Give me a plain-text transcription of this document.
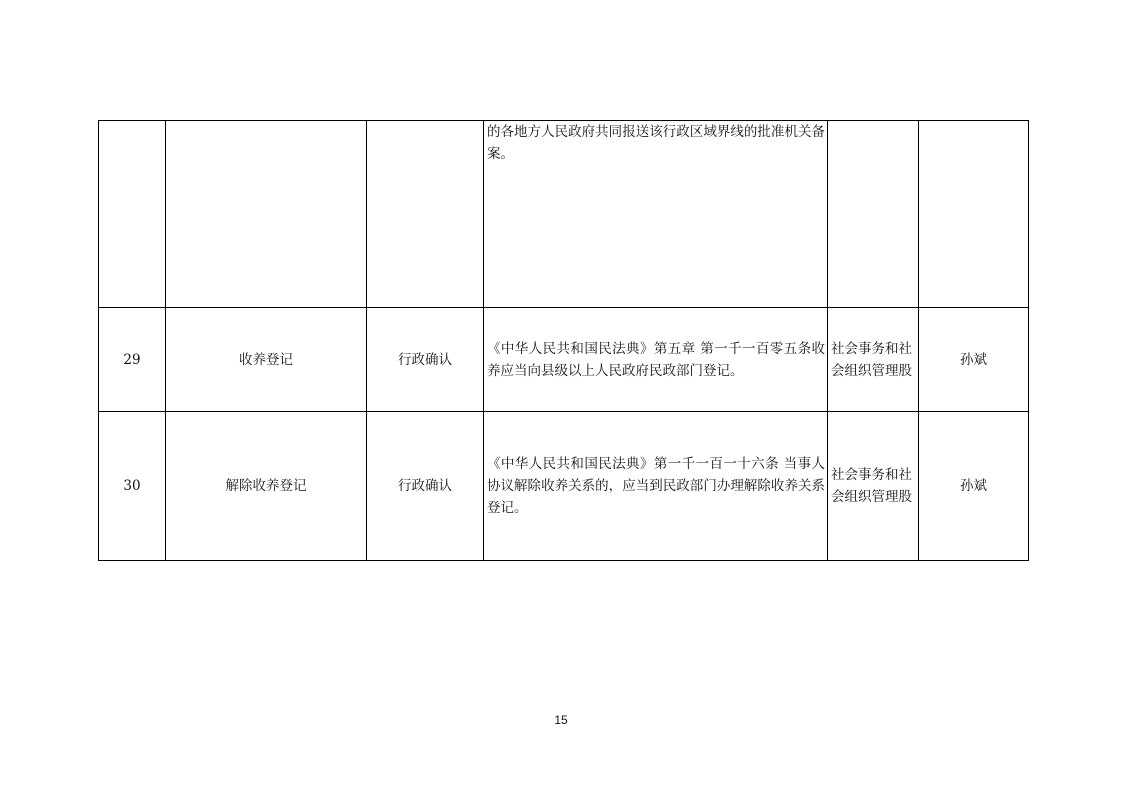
			的各地方人民政府共同报送该行政区域界线的批准机关备案。		

29	收养登记	行政确认	《中华人民共和国民法典》第五章 第一千一百零五条收养应当向县级以上人民政府民政部门登记。	社会事务和社会组织管理股	孙斌
30	解除收养登记	行政确认	《中华人民共和国民法典》第一千一百一十六条 当事人协议解除收养关系的，应当到民政部门办理解除收养关系登记。	社会事务和社会组织管理股	孙斌
15
